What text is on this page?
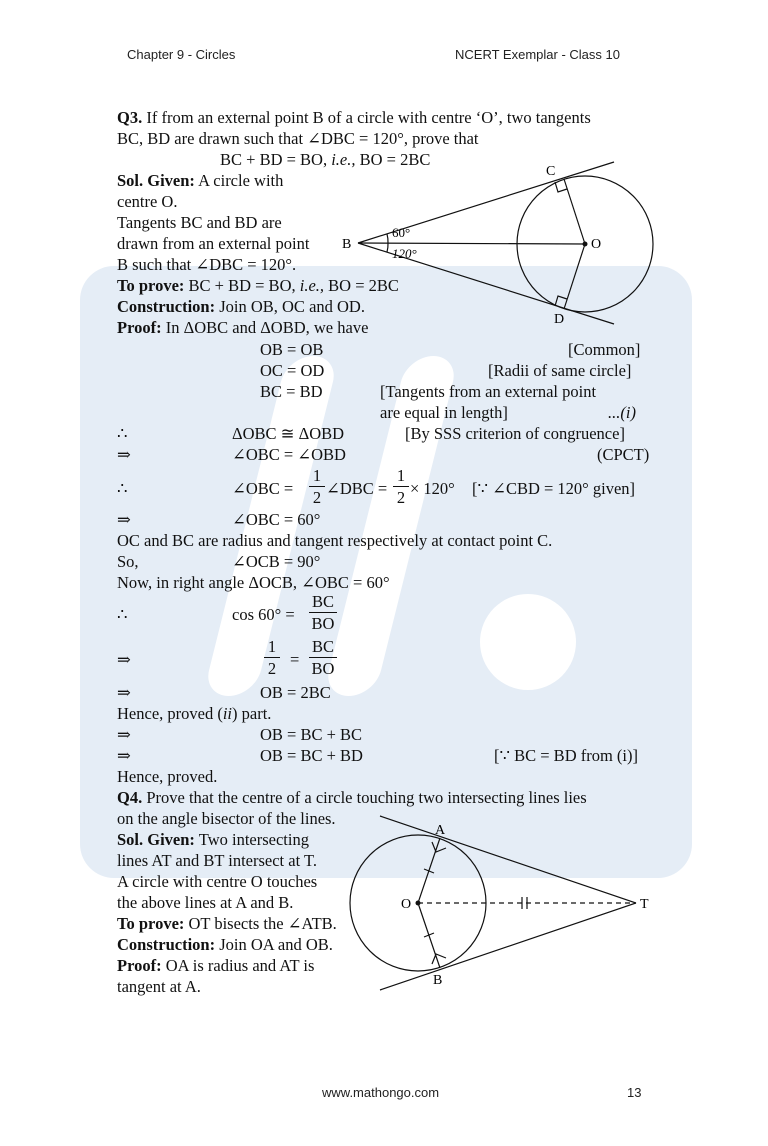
Chapter 9 - Circles	NCERT Exemplar - Class 10
Q3. If from an external point B of a circle with centre ‘O’, two tangents
BC, BD are drawn such that ∠DBC = 120°, prove that
BC + BD = BO, i.e., BO = 2BC
Sol. Given: A circle with
centre O.
Tangents BC and BD are
drawn from an external point
B such that ∠DBC = 120°.
To prove: BC + BD = BO, i.e., BO = 2BC
Construction: Join OB, OC and OD.
Proof: In ΔOBC and ΔOBD, we have
OB = OB	[Common]
OC = OD	[Radii of same circle]
BC = BD	[Tangents from an external point
are equal in length]	...(i)
∴	ΔOBC ≅ ΔOBD	[By SSS criterion of congruence]
⇒	∠OBC = ∠OBD	(CPCT)
∴	∠OBC =
1
2 ∠DBC =
1
2 × 120° [∵ ∠CBD = 120° given]
⇒	∠OBC = 60°
OC and BC are radius and tangent respectively at contact point C.
So,	∠OCB = 90°
Now, in right angle ΔOCB, ∠OBC = 60°
∴	cos 60° =
BC
BO
⇒
1
2 =
BC
BO
⇒	OB = 2BC
Hence, proved (ii) part.
⇒	OB = BC + BC
⇒	OB = BC + BD	[∵ BC = BD from (i)]
Hence, proved.
Q4. Prove that the centre of a circle touching two intersecting lines lies
on the angle bisector of the lines.
Sol. Given: Two intersecting
lines AT and BT intersect at T.
A circle with centre O touches
the above lines at A and B.
To prove: OT bisects the ∠ATB.
Construction: Join OA and OB.
Proof: OA is radius and AT is
tangent at A.
C
B	O
D
60°
120°
A
O	T
B
www.mathongo.com	13
